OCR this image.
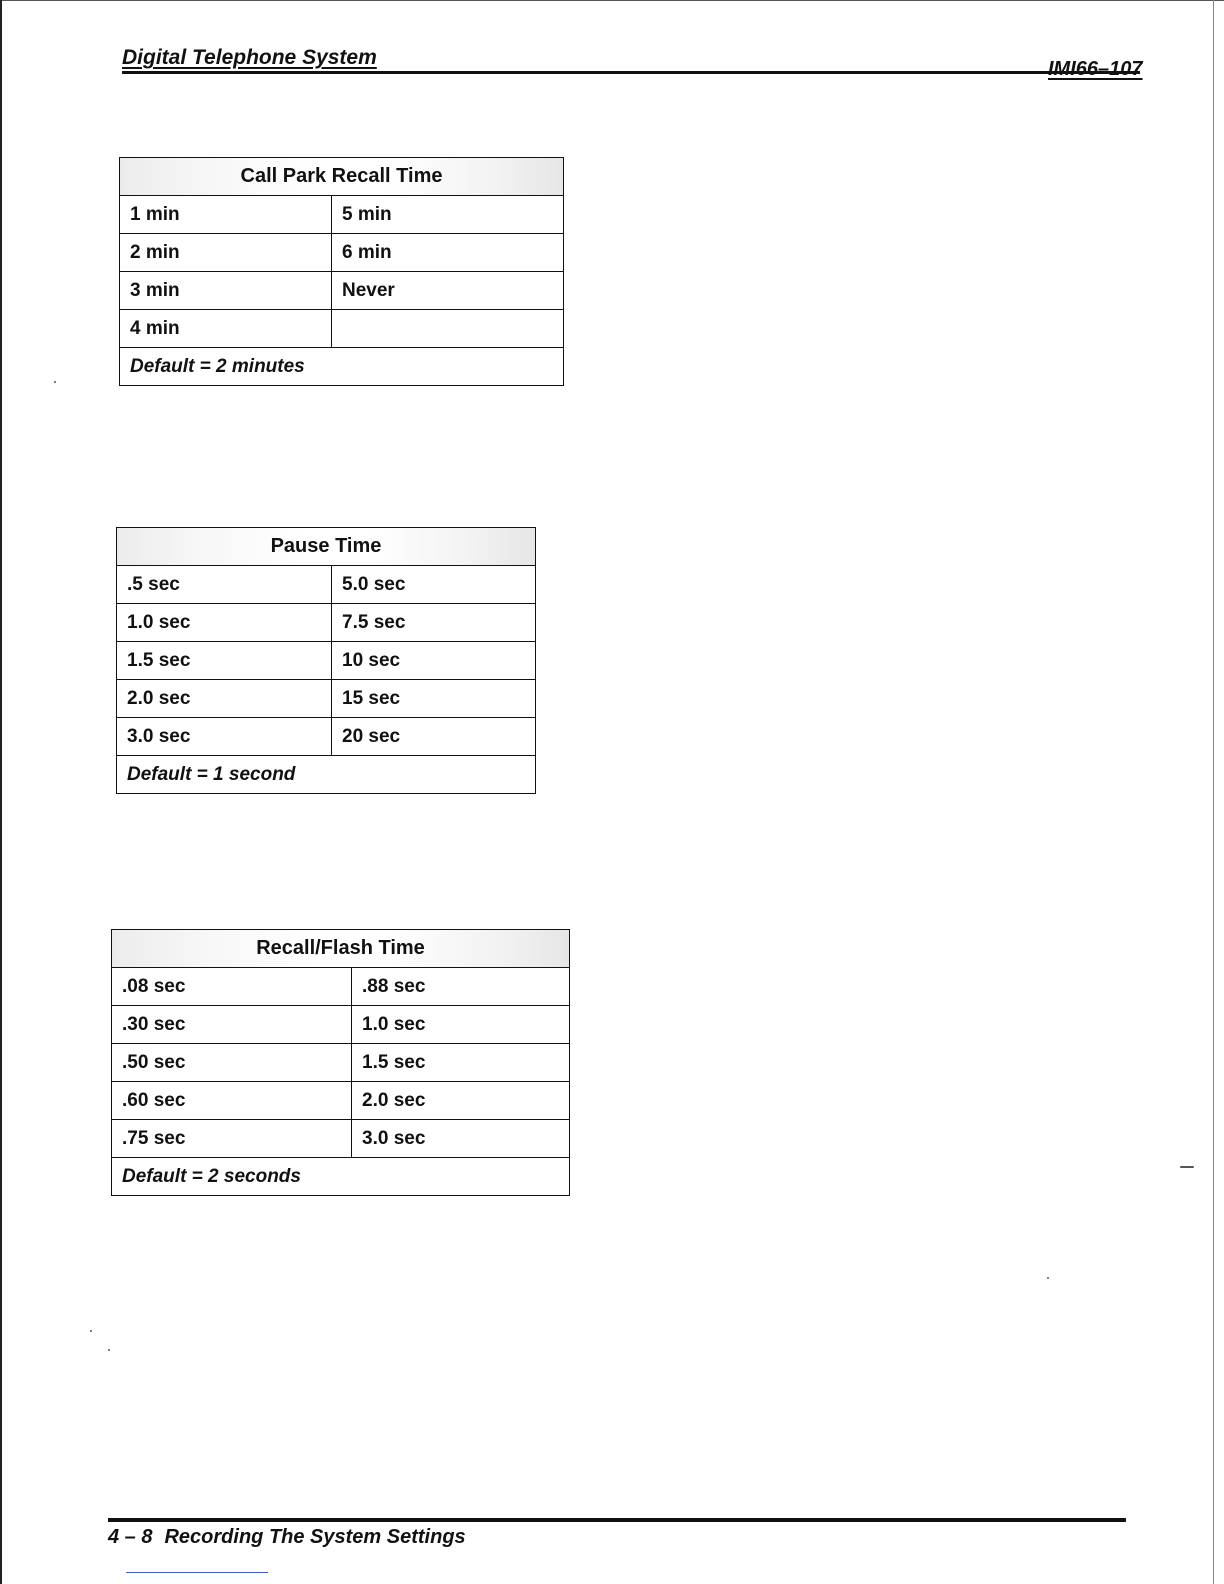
Digital Telephone System	IMI66–107
Call Park Recall Time	
1 min	5 min
2 min	6 min
3 min	Never
4 min	
Default = 2 minutes	
Pause Time	
.5 sec	5.0 sec
1.0 sec	7.5 sec
1.5 sec	10 sec
2.0 sec	15 sec
3.0 sec	20 sec
Default = 1 second	
Recall/Flash Time	
.08 sec	.88 sec
.30 sec	1.0 sec
.50 sec	1.5 sec
.60 sec	2.0 sec
.75 sec	3.0 sec
Default = 2 seconds	
4 – 8 Recording The System Settings
